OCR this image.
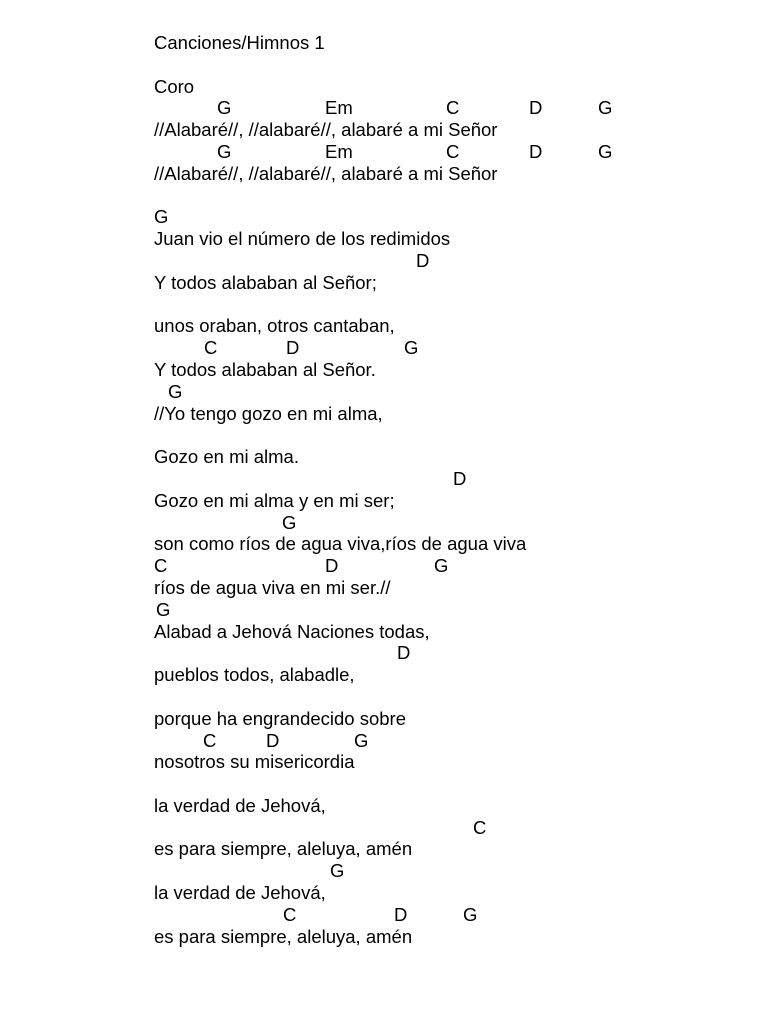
Canciones/Himnos 1
Coro

G

	Em

	C

	D

	G

//Alabaré//, //alabaré//, alabaré a mi Señor

G

	Em

	C

	D

	G

//Alabaré//, //alabaré//, alabaré a mi Señor

G

Juan vio el número de los redimidos

D

Y todos alababan al Señor;
unos oraban, otros cantaban,

C

	D

	G

Y todos alababan al Señor.

G

//Yo tengo gozo en mi alma,
Gozo en mi alma.

D

Gozo en mi alma y en mi ser;

G

son como ríos de agua viva,ríos de agua viva

C

	D

	G

ríos de agua viva en mi ser.//

G

Alabad a Jehová Naciones todas,

D

pueblos todos, alabadle,
porque ha engrandecido sobre

C

	D

	G

nosotros su misericordia
la verdad de Jehová,

C

es para siempre, aleluya, amén

G

la verdad de Jehová,

C

	D

	G

es para siempre, aleluya, amén
